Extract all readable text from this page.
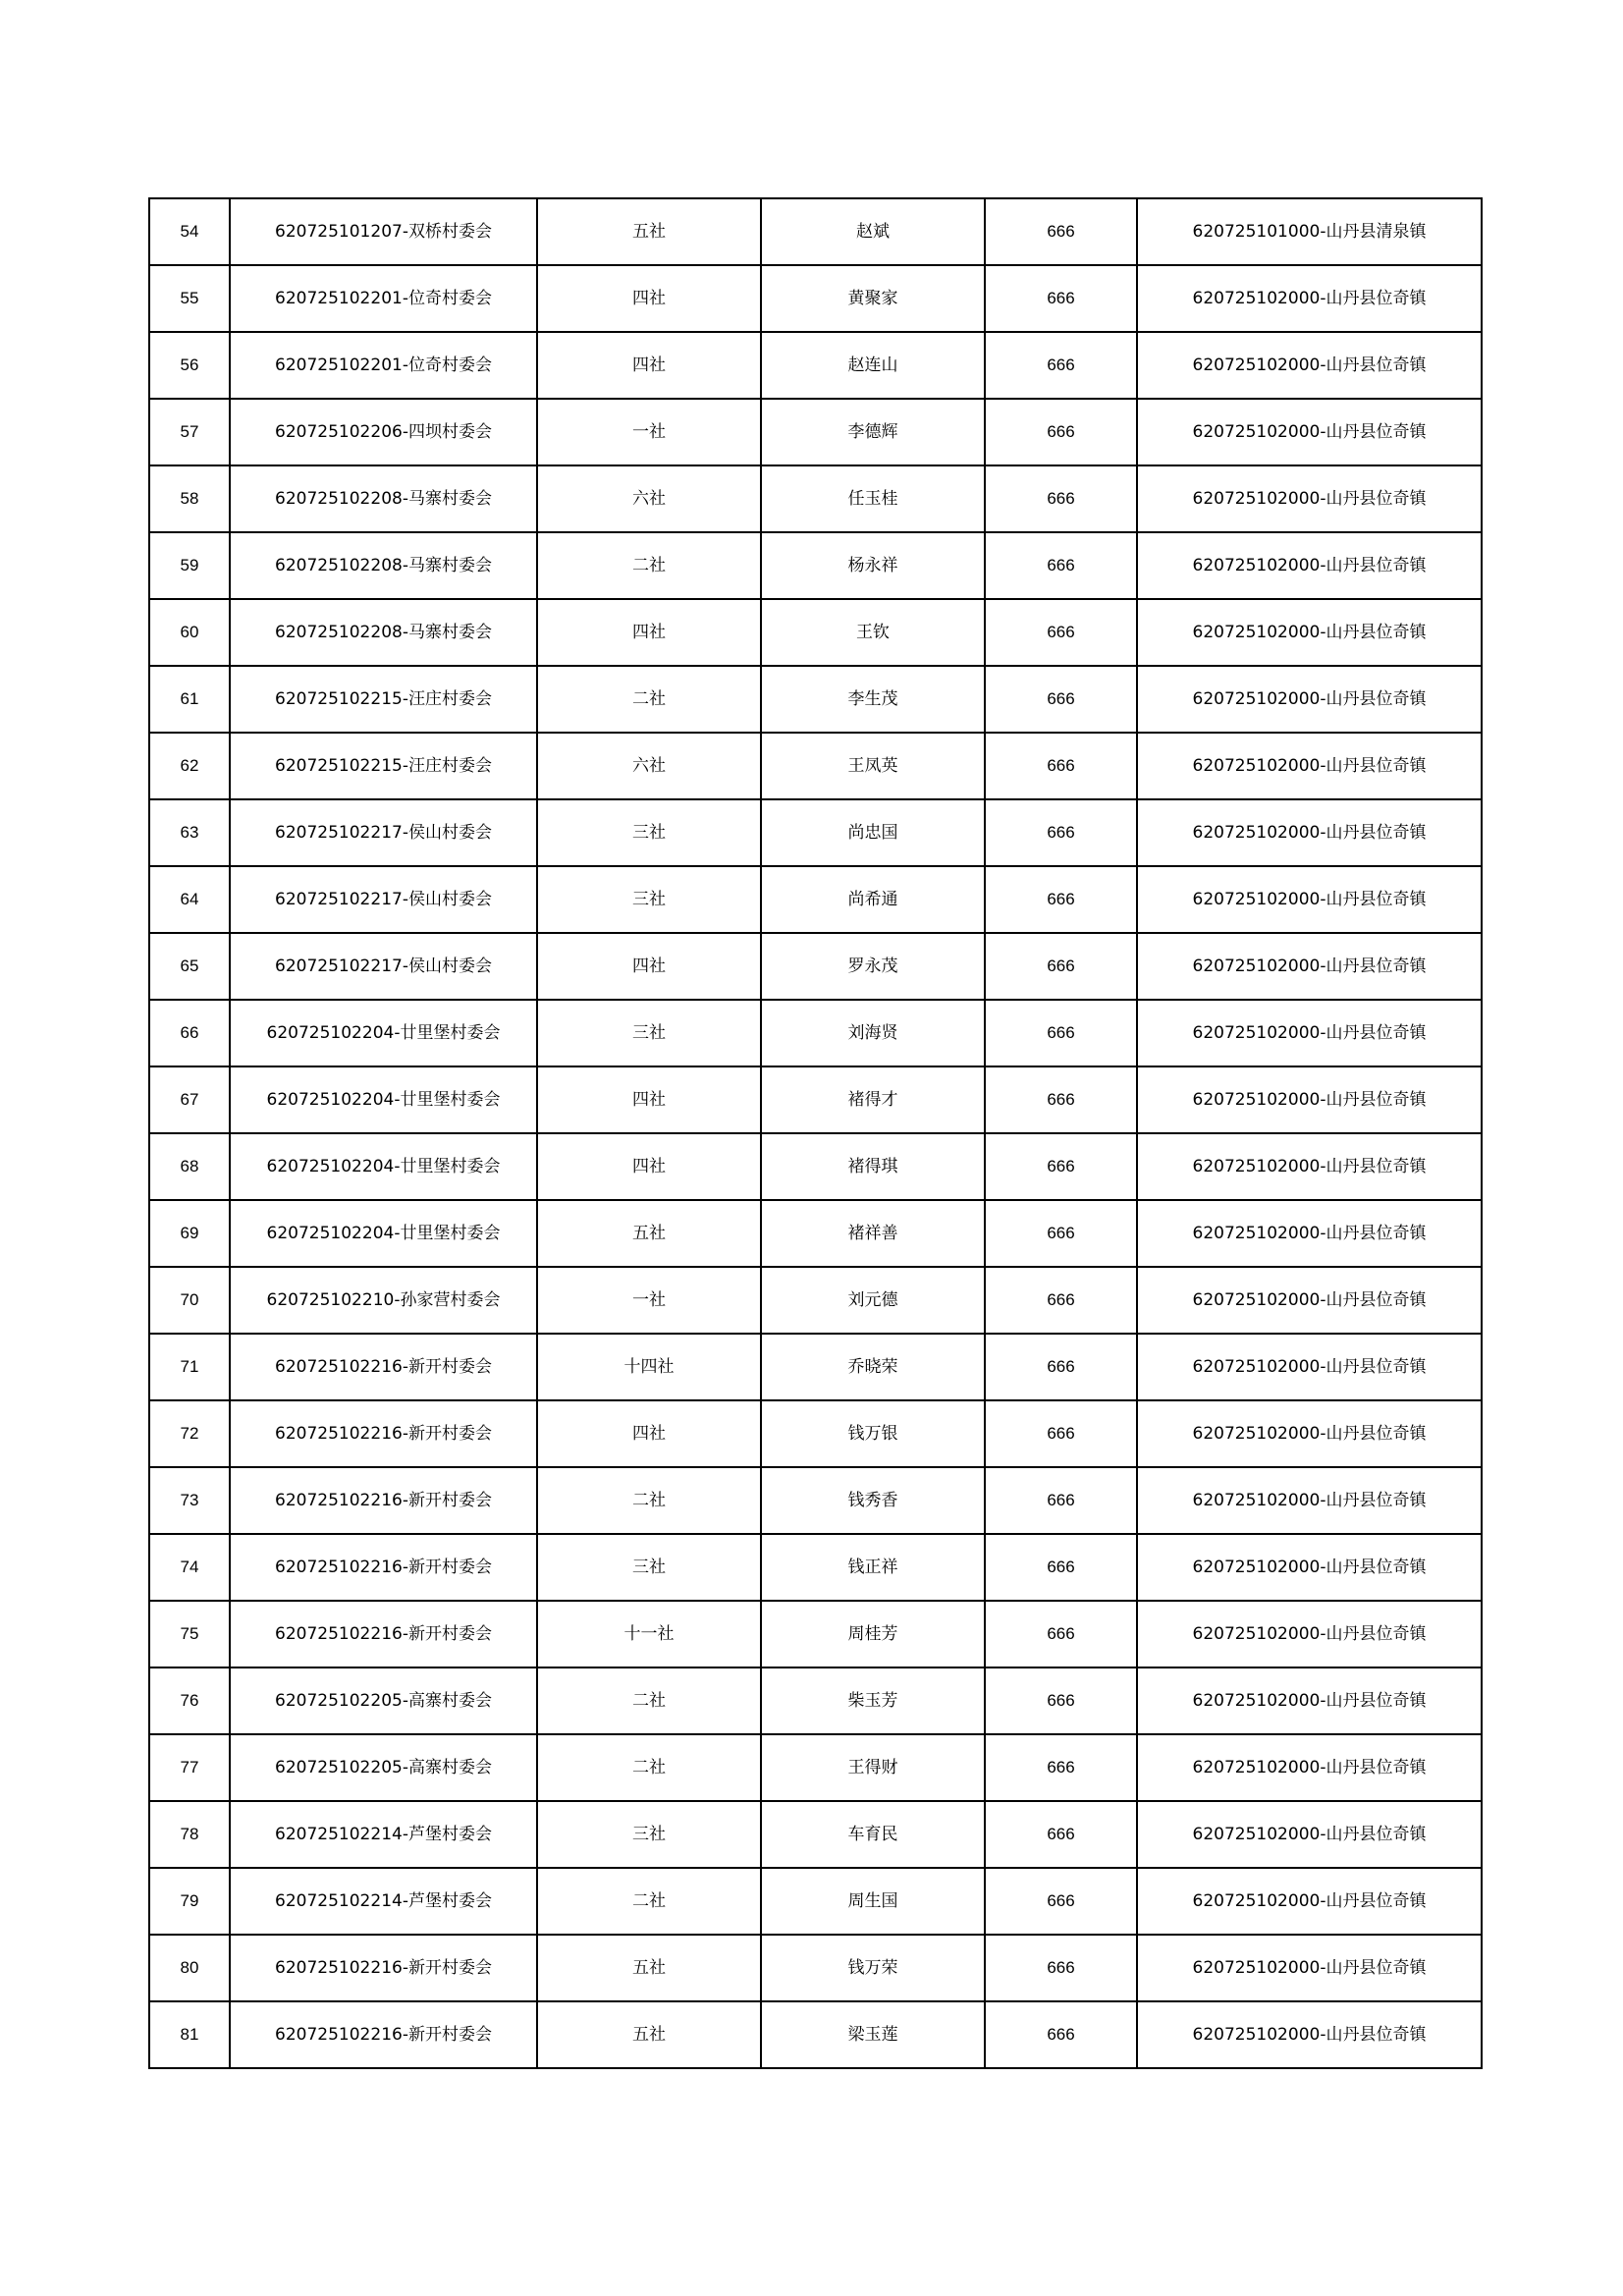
54	620725101207-双桥村委会	五社	赵斌	666	620725101000-山丹县清泉镇
55	620725102201-位奇村委会	四社	黄聚家	666	620725102000-山丹县位奇镇
56	620725102201-位奇村委会	四社	赵连山	666	620725102000-山丹县位奇镇
57	620725102206-四坝村委会	一社	李德辉	666	620725102000-山丹县位奇镇
58	620725102208-马寨村委会	六社	任玉桂	666	620725102000-山丹县位奇镇
59	620725102208-马寨村委会	二社	杨永祥	666	620725102000-山丹县位奇镇
60	620725102208-马寨村委会	四社	王钦	666	620725102000-山丹县位奇镇
61	620725102215-汪庄村委会	二社	李生茂	666	620725102000-山丹县位奇镇
62	620725102215-汪庄村委会	六社	王凤英	666	620725102000-山丹县位奇镇
63	620725102217-侯山村委会	三社	尚忠国	666	620725102000-山丹县位奇镇
64	620725102217-侯山村委会	三社	尚希通	666	620725102000-山丹县位奇镇
65	620725102217-侯山村委会	四社	罗永茂	666	620725102000-山丹县位奇镇
66	620725102204-廿里堡村委会	三社	刘海贤	666	620725102000-山丹县位奇镇
67	620725102204-廿里堡村委会	四社	褚得才	666	620725102000-山丹县位奇镇
68	620725102204-廿里堡村委会	四社	褚得琪	666	620725102000-山丹县位奇镇
69	620725102204-廿里堡村委会	五社	褚祥善	666	620725102000-山丹县位奇镇
70	620725102210-孙家营村委会	一社	刘元德	666	620725102000-山丹县位奇镇
71	620725102216-新开村委会	十四社	乔晓荣	666	620725102000-山丹县位奇镇
72	620725102216-新开村委会	四社	钱万银	666	620725102000-山丹县位奇镇
73	620725102216-新开村委会	二社	钱秀香	666	620725102000-山丹县位奇镇
74	620725102216-新开村委会	三社	钱正祥	666	620725102000-山丹县位奇镇
75	620725102216-新开村委会	十一社	周桂芳	666	620725102000-山丹县位奇镇
76	620725102205-高寨村委会	二社	柴玉芳	666	620725102000-山丹县位奇镇
77	620725102205-高寨村委会	二社	王得财	666	620725102000-山丹县位奇镇
78	620725102214-芦堡村委会	三社	车育民	666	620725102000-山丹县位奇镇
79	620725102214-芦堡村委会	二社	周生国	666	620725102000-山丹县位奇镇
80	620725102216-新开村委会	五社	钱万荣	666	620725102000-山丹县位奇镇
81	620725102216-新开村委会	五社	梁玉莲	666	620725102000-山丹县位奇镇
